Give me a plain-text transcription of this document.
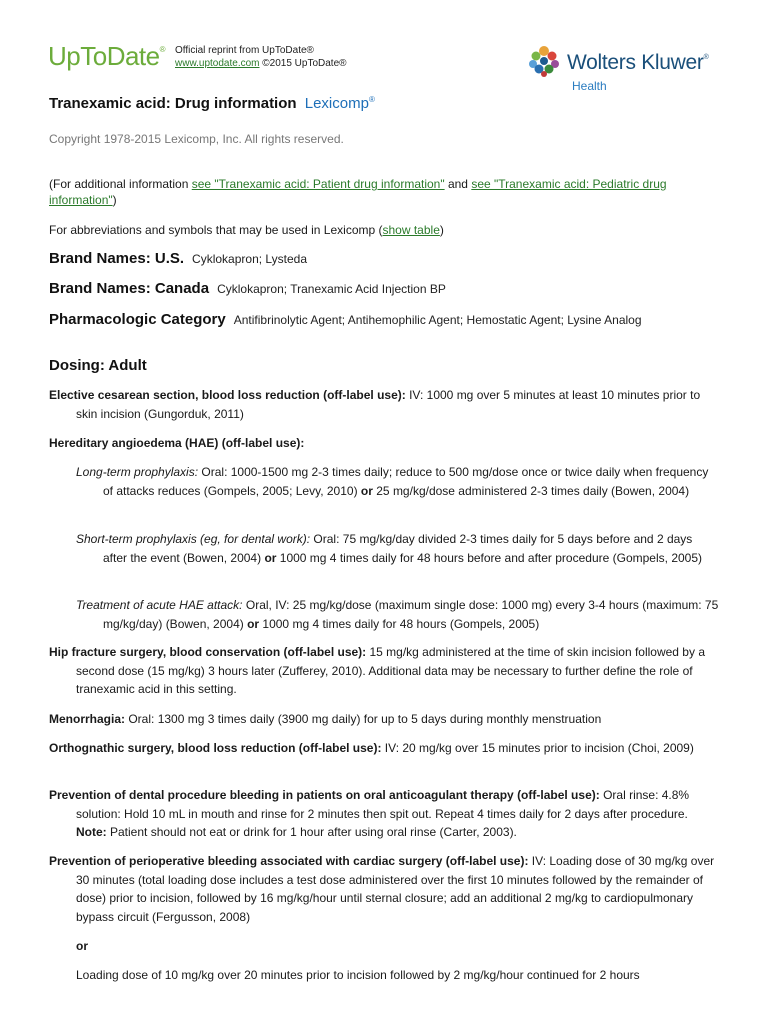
UpToDate® Official reprint from UpToDate®
www.uptodate.com ©2015 UpToDate®	Wolters Kluwer®
Health
Tranexamic acid: Drug information Lexicomp®
Copyright 1978-2015 Lexicomp, Inc. All rights reserved.
(For additional information see "Tranexamic acid: Patient drug information" and see "Tranexamic acid: Pediatric drug information")
For abbreviations and symbols that may be used in Lexicomp (show table)
Brand Names: U.S. Cyklokapron; Lysteda
Brand Names: Canada Cyklokapron; Tranexamic Acid Injection BP
Pharmacologic Category Antifibrinolytic Agent; Antihemophilic Agent; Hemostatic Agent; Lysine Analog
Dosing: Adult
Elective cesarean section, blood loss reduction (off-label use): IV: 1000 mg over 5 minutes at least 10 minutes prior to skin incision (Gungorduk, 2011)
Hereditary angioedema (HAE) (off-label use):
Long-term prophylaxis: Oral: 1000-1500 mg 2-3 times daily; reduce to 500 mg/dose once or twice daily when frequency of attacks reduces (Gompels, 2005; Levy, 2010) or 25 mg/kg/dose administered 2-3 times daily (Bowen, 2004)
Short-term prophylaxis (eg, for dental work): Oral: 75 mg/kg/day divided 2-3 times daily for 5 days before and 2 days after the event (Bowen, 2004) or 1000 mg 4 times daily for 48 hours before and after procedure (Gompels, 2005)
Treatment of acute HAE attack: Oral, IV: 25 mg/kg/dose (maximum single dose: 1000 mg) every 3-4 hours (maximum: 75 mg/kg/day) (Bowen, 2004) or 1000 mg 4 times daily for 48 hours (Gompels, 2005)
Hip fracture surgery, blood conservation (off-label use): 15 mg/kg administered at the time of skin incision followed by a second dose (15 mg/kg) 3 hours later (Zufferey, 2010). Additional data may be necessary to further define the role of tranexamic acid in this setting.
Menorrhagia: Oral: 1300 mg 3 times daily (3900 mg daily) for up to 5 days during monthly menstruation
Orthognathic surgery, blood loss reduction (off-label use): IV: 20 mg/kg over 15 minutes prior to incision (Choi, 2009)
Prevention of dental procedure bleeding in patients on oral anticoagulant therapy (off-label use): Oral rinse: 4.8% solution: Hold 10 mL in mouth and rinse for 2 minutes then spit out. Repeat 4 times daily for 2 days after procedure. Note: Patient should not eat or drink for 1 hour after using oral rinse (Carter, 2003).
Prevention of perioperative bleeding associated with cardiac surgery (off-label use): IV: Loading dose of 30 mg/kg over 30 minutes (total loading dose includes a test dose administered over the first 10 minutes followed by the remainder of dose) prior to incision, followed by 16 mg/kg/hour until sternal closure; add an additional 2 mg/kg to cardiopulmonary bypass circuit (Fergusson, 2008)
or
Loading dose of 10 mg/kg over 20 minutes prior to incision followed by 2 mg/kg/hour continued for 2 hours
